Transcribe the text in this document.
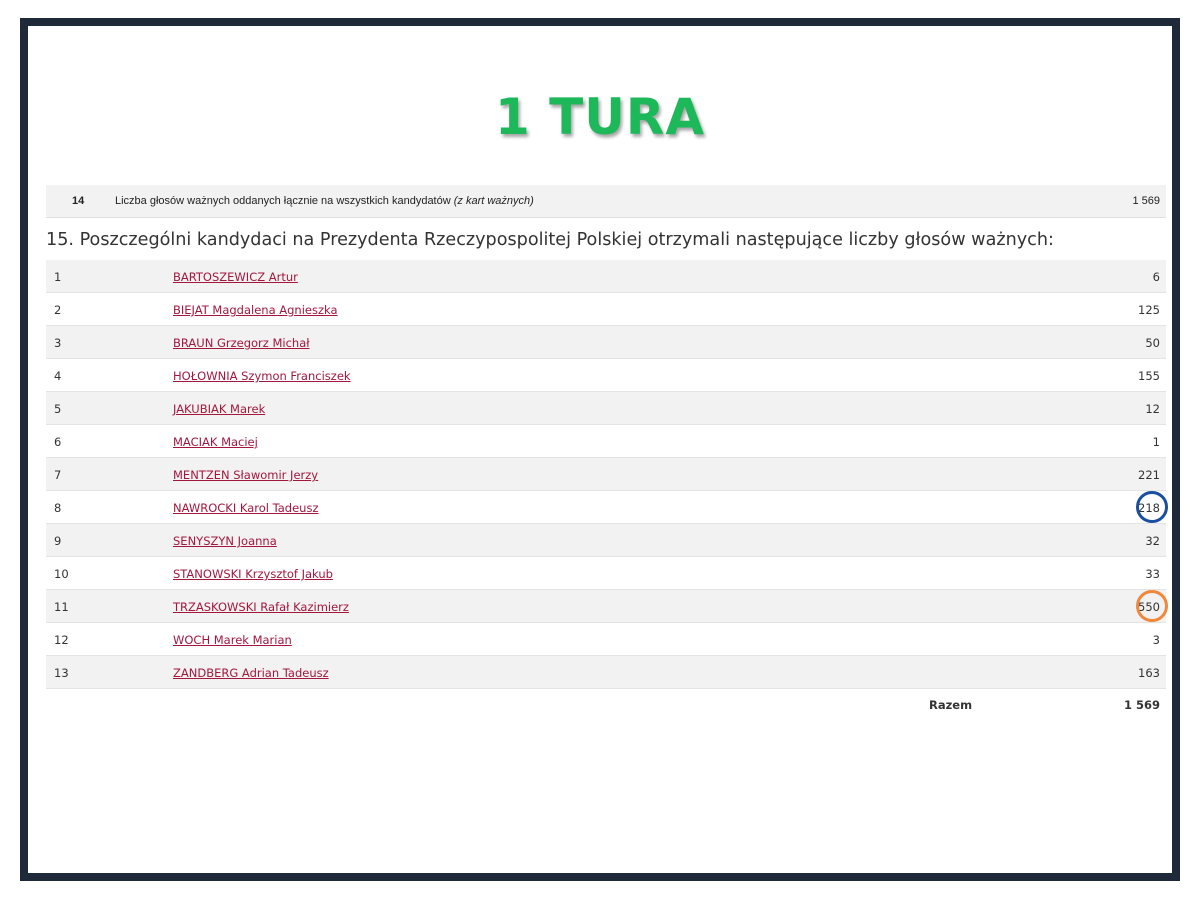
1 TURA
14	Liczba głosów ważnych oddanych łącznie na wszystkich kandydatów (z kart ważnych)	1 569
15. Poszczególni kandydaci na Prezydenta Rzeczypospolitej Polskiej otrzymali następujące liczby głosów ważnych:
1	BARTOSZEWICZ Artur	6
2	BIEJAT Magdalena Agnieszka	125
3	BRAUN Grzegorz Michał	50
4	HOŁOWNIA Szymon Franciszek	155
5	JAKUBIAK Marek	12
6	MACIAK Maciej	1
7	MENTZEN Sławomir Jerzy	221
8	NAWROCKI Karol Tadeusz	218
9	SENYSZYN Joanna	32
10	STANOWSKI Krzysztof Jakub	33
11	TRZASKOWSKI Rafał Kazimierz	550
12	WOCH Marek Marian	3
13	ZANDBERG Adrian Tadeusz	163
Razem	1 569
